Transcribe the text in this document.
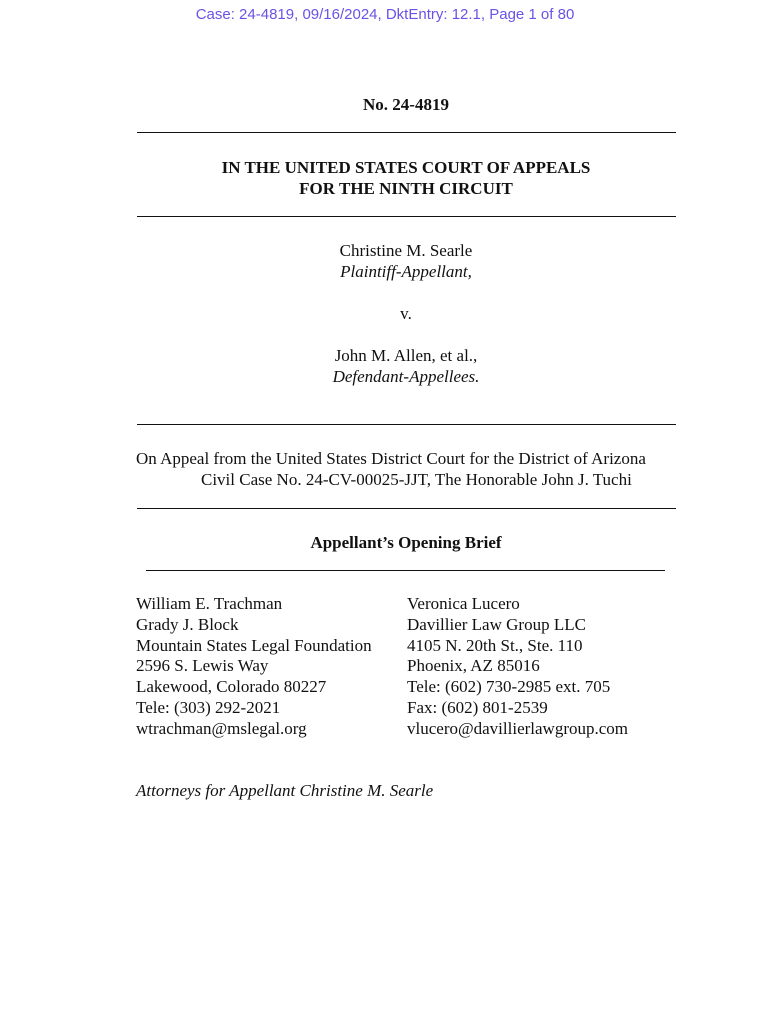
Case: 24-4819, 09/16/2024, DktEntry: 12.1, Page 1 of 80
No. 24-4819
IN THE UNITED STATES COURT OF APPEALS
FOR THE NINTH CIRCUIT
Christine M. Searle
Plaintiff-Appellant,
v.
John M. Allen, et al.,
Defendant-Appellees.
On Appeal from the United States District Court for the District of Arizona
Civil Case No. 24-CV-00025-JJT, The Honorable John J. Tuchi
Appellant’s Opening Brief
William E. Trachman
Grady J. Block
Mountain States Legal Foundation
2596 S. Lewis Way
Lakewood, Colorado 80227
Tele: (303) 292-2021
wtrachman@mslegal.org
Veronica Lucero
Davillier Law Group LLC
4105 N. 20th St., Ste. 110
Phoenix, AZ 85016
Tele: (602) 730-2985 ext. 705
Fax: (602) 801-2539
vlucero@davillierlawgroup.com
Attorneys for Appellant Christine M. Searle
